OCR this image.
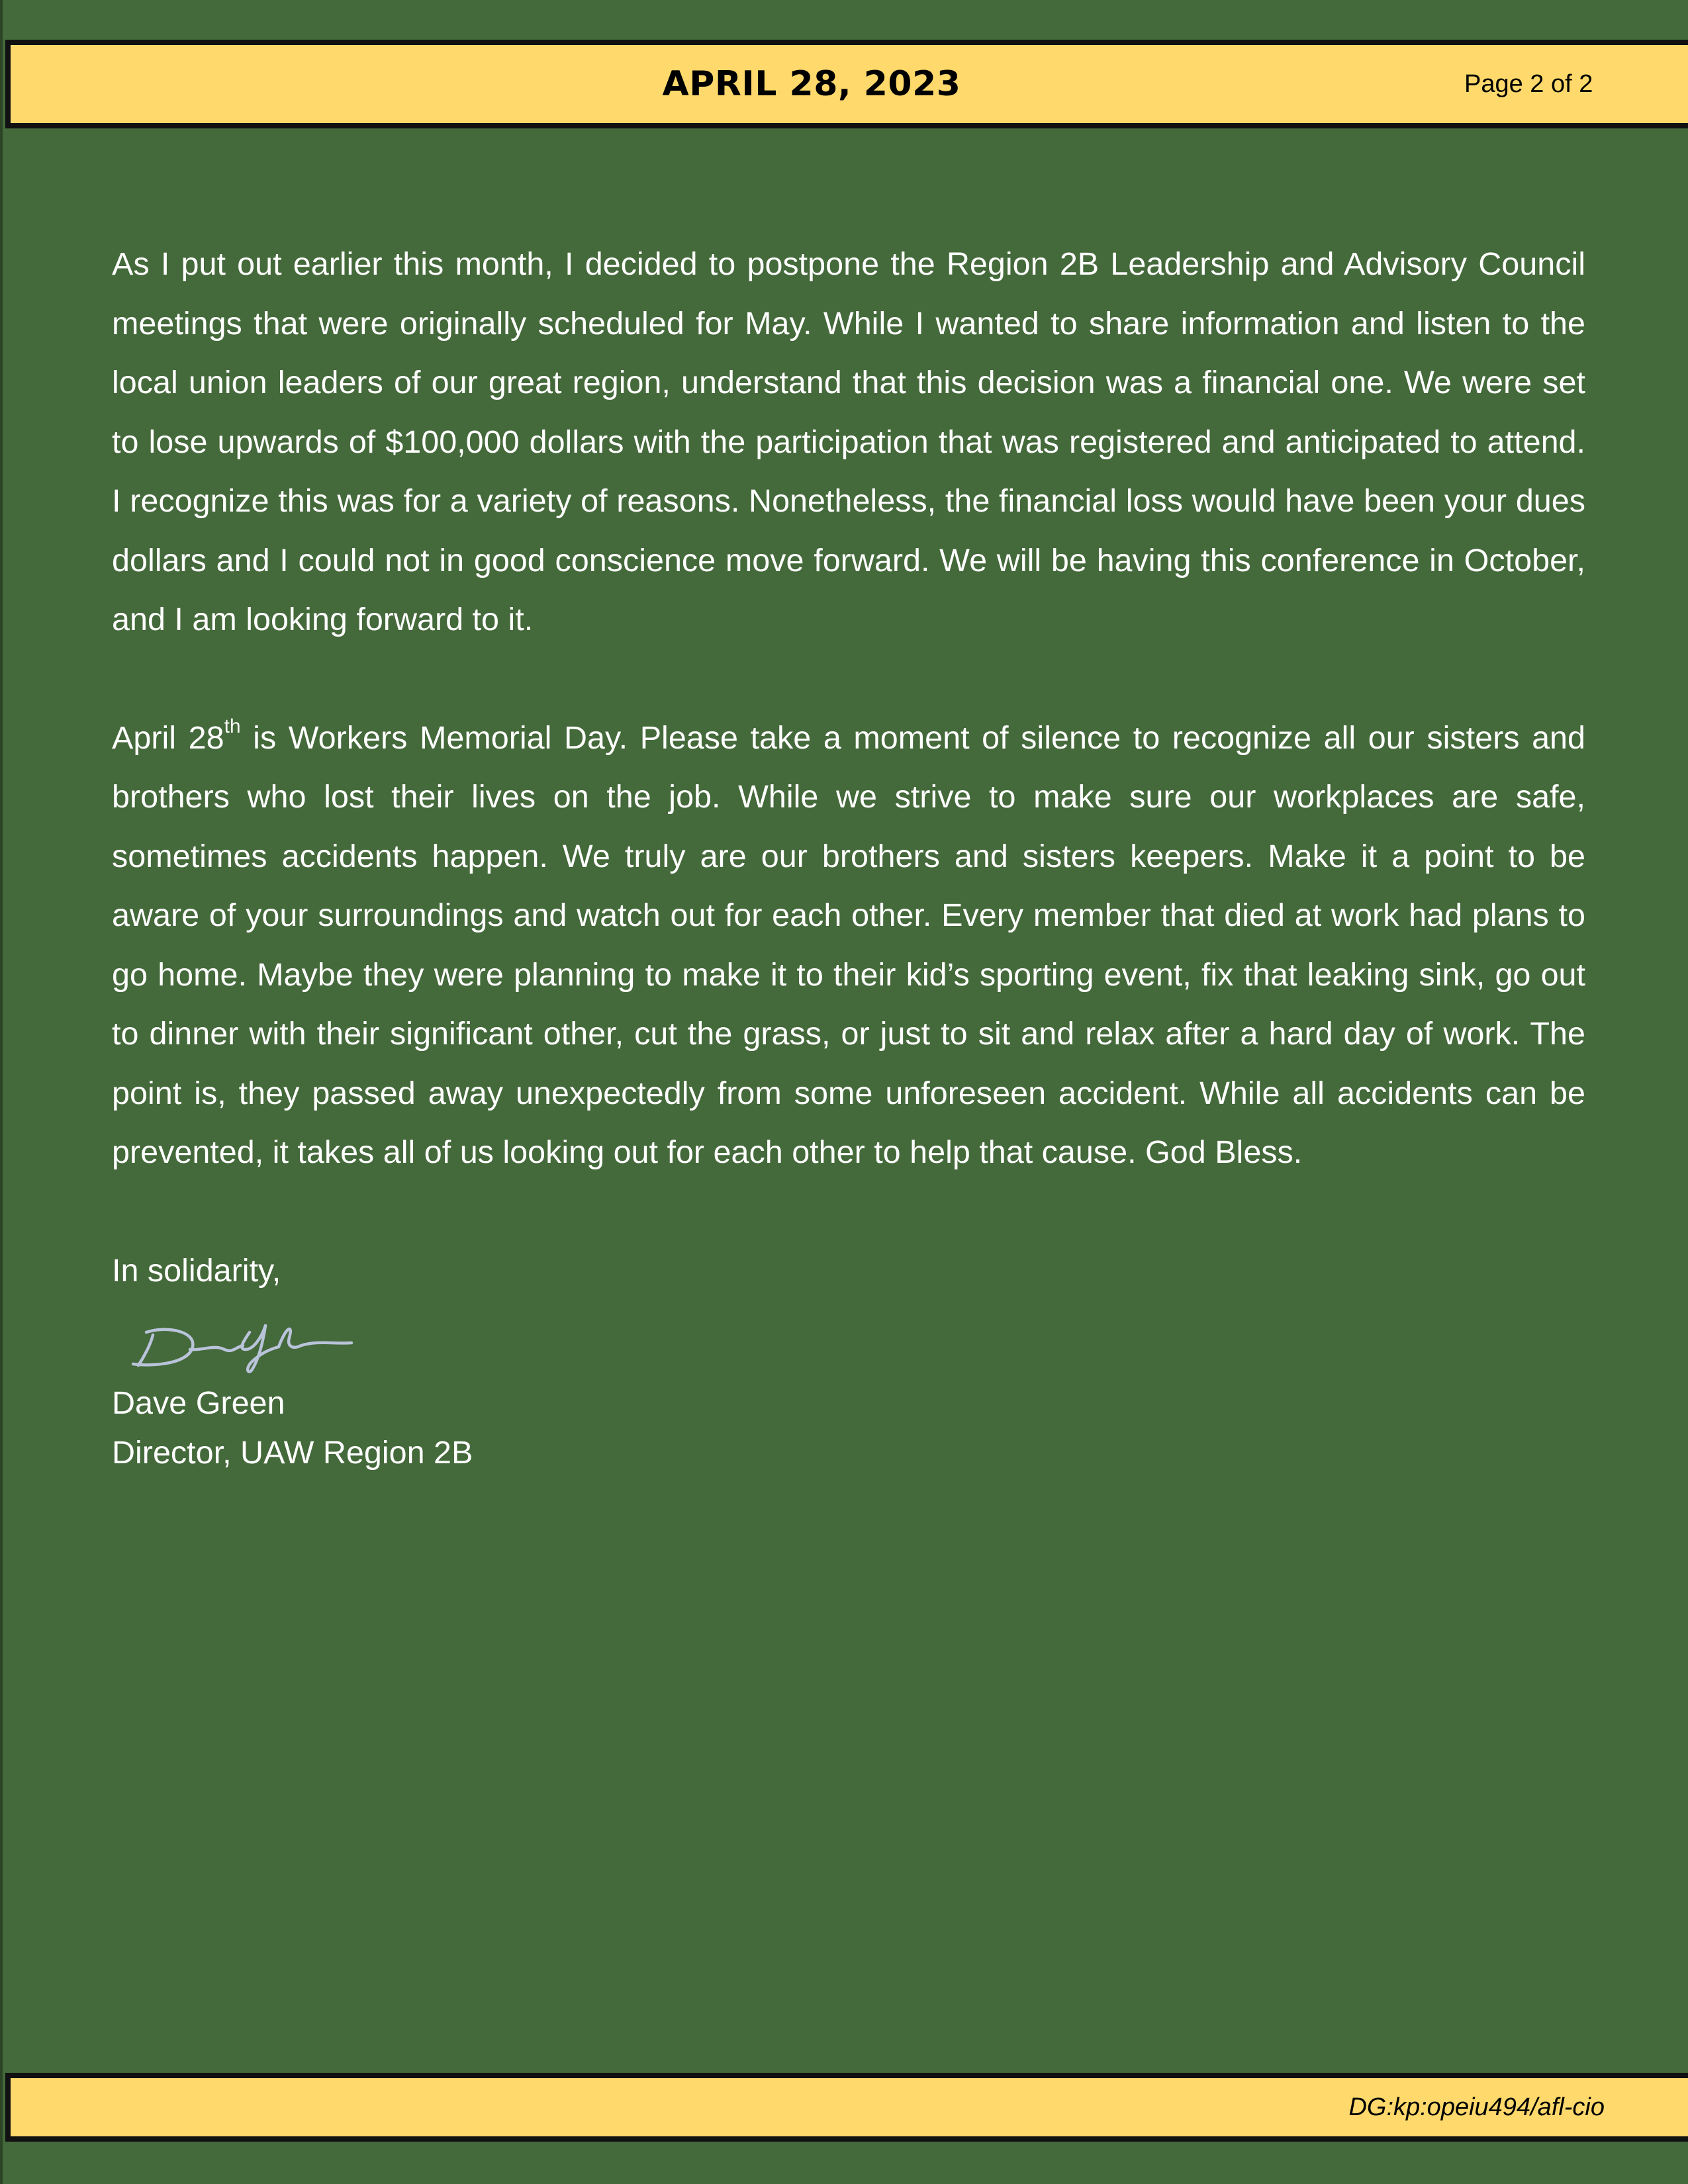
APRIL 28, 2023	Page 2 of 2

As I put out earlier this month, I decided to postpone the Region 2B Leadership and Advisory Council meetings that were originally scheduled for May. While I wanted to share information and listen to the local union leaders of our great region, understand that this decision was a financial one. We were set to lose upwards of $100,000 dollars with the participation that was registered and anticipated to attend. I recognize this was for a variety of reasons. Nonetheless, the financial loss would have been your dues dollars and I could not in good conscience move forward. We will be having this conference in October, and I am looking forward to it.

April 28th is Workers Memorial Day. Please take a moment of silence to recognize all our sisters and brothers who lost their lives on the job. While we strive to make sure our workplaces are safe, sometimes accidents happen. We truly are our brothers and sisters keepers. Make it a point to be aware of your surroundings and watch out for each other. Every member that died at work had plans to go home. Maybe they were planning to make it to their kid’s sporting event, fix that leaking sink, go out to dinner with their significant other, cut the grass, or just to sit and relax after a hard day of work. The point is, they passed away unexpectedly from some unforeseen accident. While all accidents can be prevented, it takes all of us looking out for each other to help that cause. God Bless.

In solidarity,
Dave Green
Director, UAW Region 2B
DG:kp:opeiu494/afl-cio
